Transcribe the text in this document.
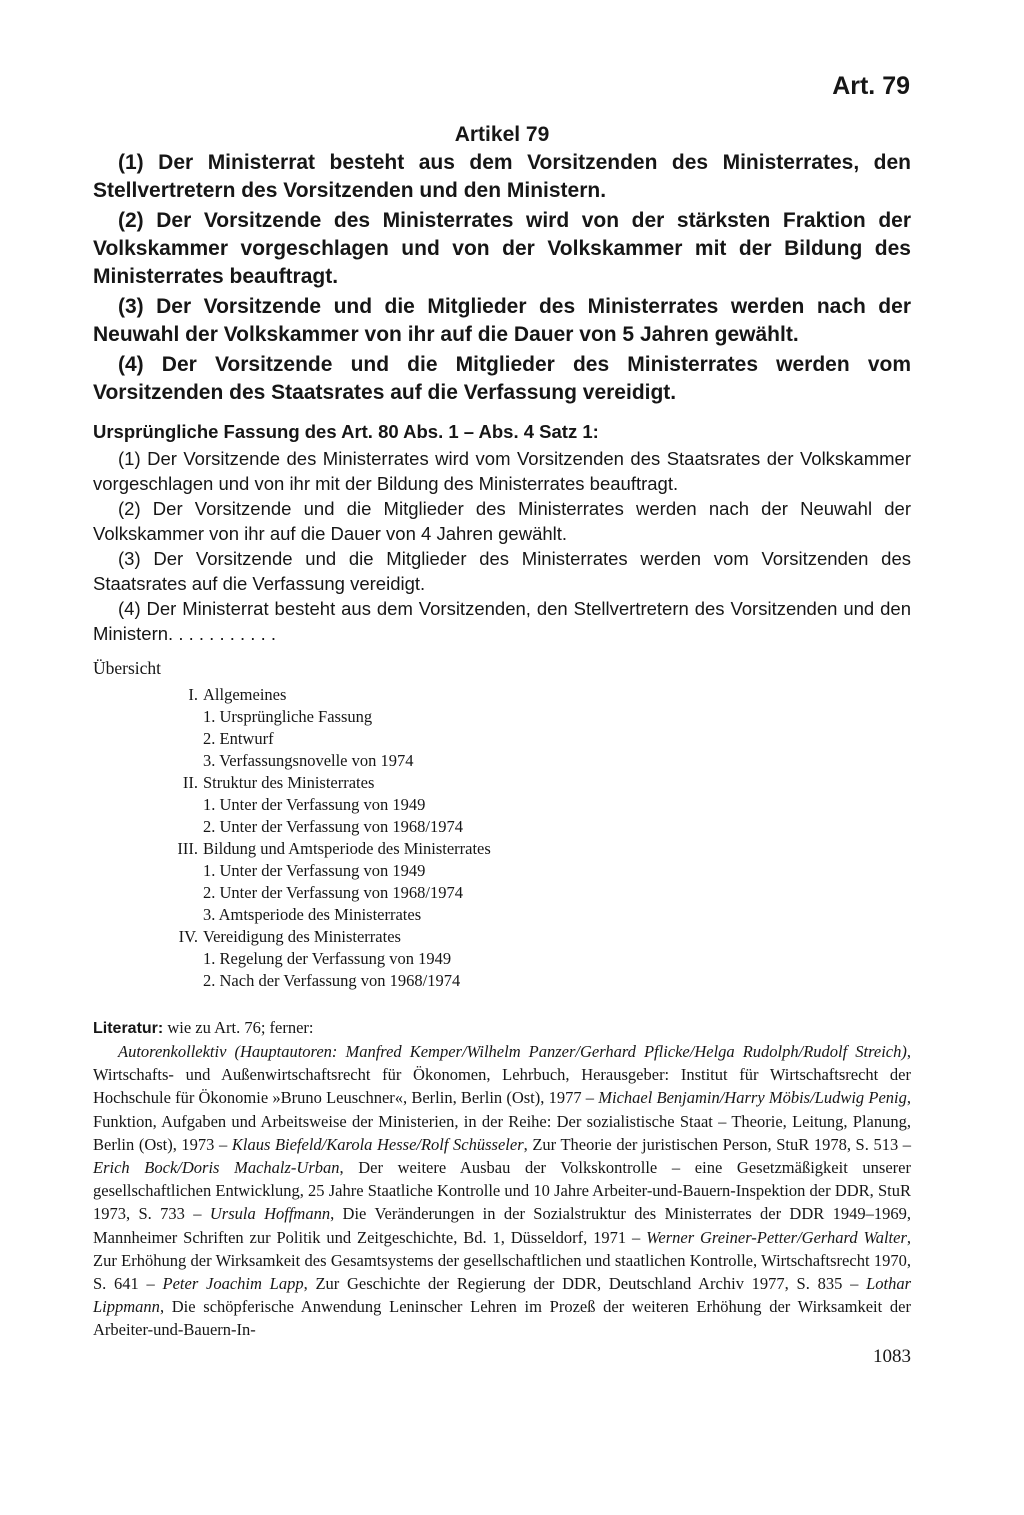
Art. 79
Artikel 79

(1) Der Ministerrat besteht aus dem Vorsitzenden des Ministerrates, den Stellvertretern des Vorsitzenden und den Ministern.

(2) Der Vorsitzende des Ministerrates wird von der stärksten Fraktion der Volkskammer vorgeschlagen und von der Volkskammer mit der Bildung des Ministerrates beauftragt.

(3) Der Vorsitzende und die Mitglieder des Ministerrates werden nach der Neuwahl der Volkskammer von ihr auf die Dauer von 5 Jahren gewählt.

(4) Der Vorsitzende und die Mitglieder des Ministerrates werden vom Vorsitzenden des Staatsrates auf die Verfassung vereidigt.

Ursprüngliche Fassung des Art. 80 Abs. 1 – Abs. 4 Satz 1:

(1) Der Vorsitzende des Ministerrates wird vom Vorsitzenden des Staatsrates der Volkskammer vorgeschlagen und von ihr mit der Bildung des Ministerrates beauftragt.

(2) Der Vorsitzende und die Mitglieder des Ministerrates werden nach der Neuwahl der Volkskammer von ihr auf die Dauer von 4 Jahren gewählt.

(3) Der Vorsitzende und die Mitglieder des Ministerrates werden vom Vorsitzenden des Staatsrates auf die Verfassung vereidigt.

(4) Der Ministerrat besteht aus dem Vorsitzenden, den Stellvertretern des Vorsitzenden und den Ministern. . . . . . . . . . .

Übersicht
I. Allgemeines
1. Ursprüngliche Fassung
2. Entwurf
3. Verfassungsnovelle von 1974
II. Struktur des Ministerrates
1. Unter der Verfassung von 1949
2. Unter der Verfassung von 1968/1974
III. Bildung und Amtsperiode des Ministerrates
1. Unter der Verfassung von 1949
2. Unter der Verfassung von 1968/1974
3. Amtsperiode des Ministerrates
IV. Vereidigung des Ministerrates
1. Regelung der Verfassung von 1949
2. Nach der Verfassung von 1968/1974
Literatur: wie zu Art. 76; ferner:

Autorenkollektiv (Hauptautoren: Manfred Kemper/Wilhelm Panzer/Gerhard Pflicke/Helga Rudolph/Rudolf Streich), Wirtschafts- und Außenwirtschaftsrecht für Ökonomen, Lehrbuch, Herausgeber: Institut für Wirtschaftsrecht der Hochschule für Ökonomie »Bruno Leuschner«, Berlin, Berlin (Ost), 1977 – Michael Benjamin/Harry Möbis/Ludwig Penig, Funktion, Aufgaben und Arbeitsweise der Ministerien, in der Reihe: Der sozialistische Staat – Theorie, Leitung, Planung, Berlin (Ost), 1973 – Klaus Biefeld/Karola Hesse/Rolf Schüsseler, Zur Theorie der juristischen Person, StuR 1978, S. 513 – Erich Bock/Doris Machalz-Urban, Der weitere Ausbau der Volkskontrolle – eine Gesetzmäßigkeit unserer gesellschaftlichen Entwicklung, 25 Jahre Staatliche Kontrolle und 10 Jahre Arbeiter-und-Bauern-Inspektion der DDR, StuR 1973, S. 733 – Ursula Hoffmann, Die Veränderungen in der Sozialstruktur des Ministerrates der DDR 1949–1969, Mannheimer Schriften zur Politik und Zeitgeschichte, Bd. 1, Düsseldorf, 1971 – Werner Greiner-Petter/Gerhard Walter, Zur Erhöhung der Wirksamkeit des Gesamtsystems der gesellschaftlichen und staatlichen Kontrolle, Wirtschaftsrecht 1970, S. 641 – Peter Joachim Lapp, Zur Geschichte der Regierung der DDR, Deutschland Archiv 1977, S. 835 – Lothar Lippmann, Die schöpferische Anwendung Leninscher Lehren im Prozeß der weiteren Erhöhung der Wirksamkeit der Arbeiter-und-Bauern-In-

1083
